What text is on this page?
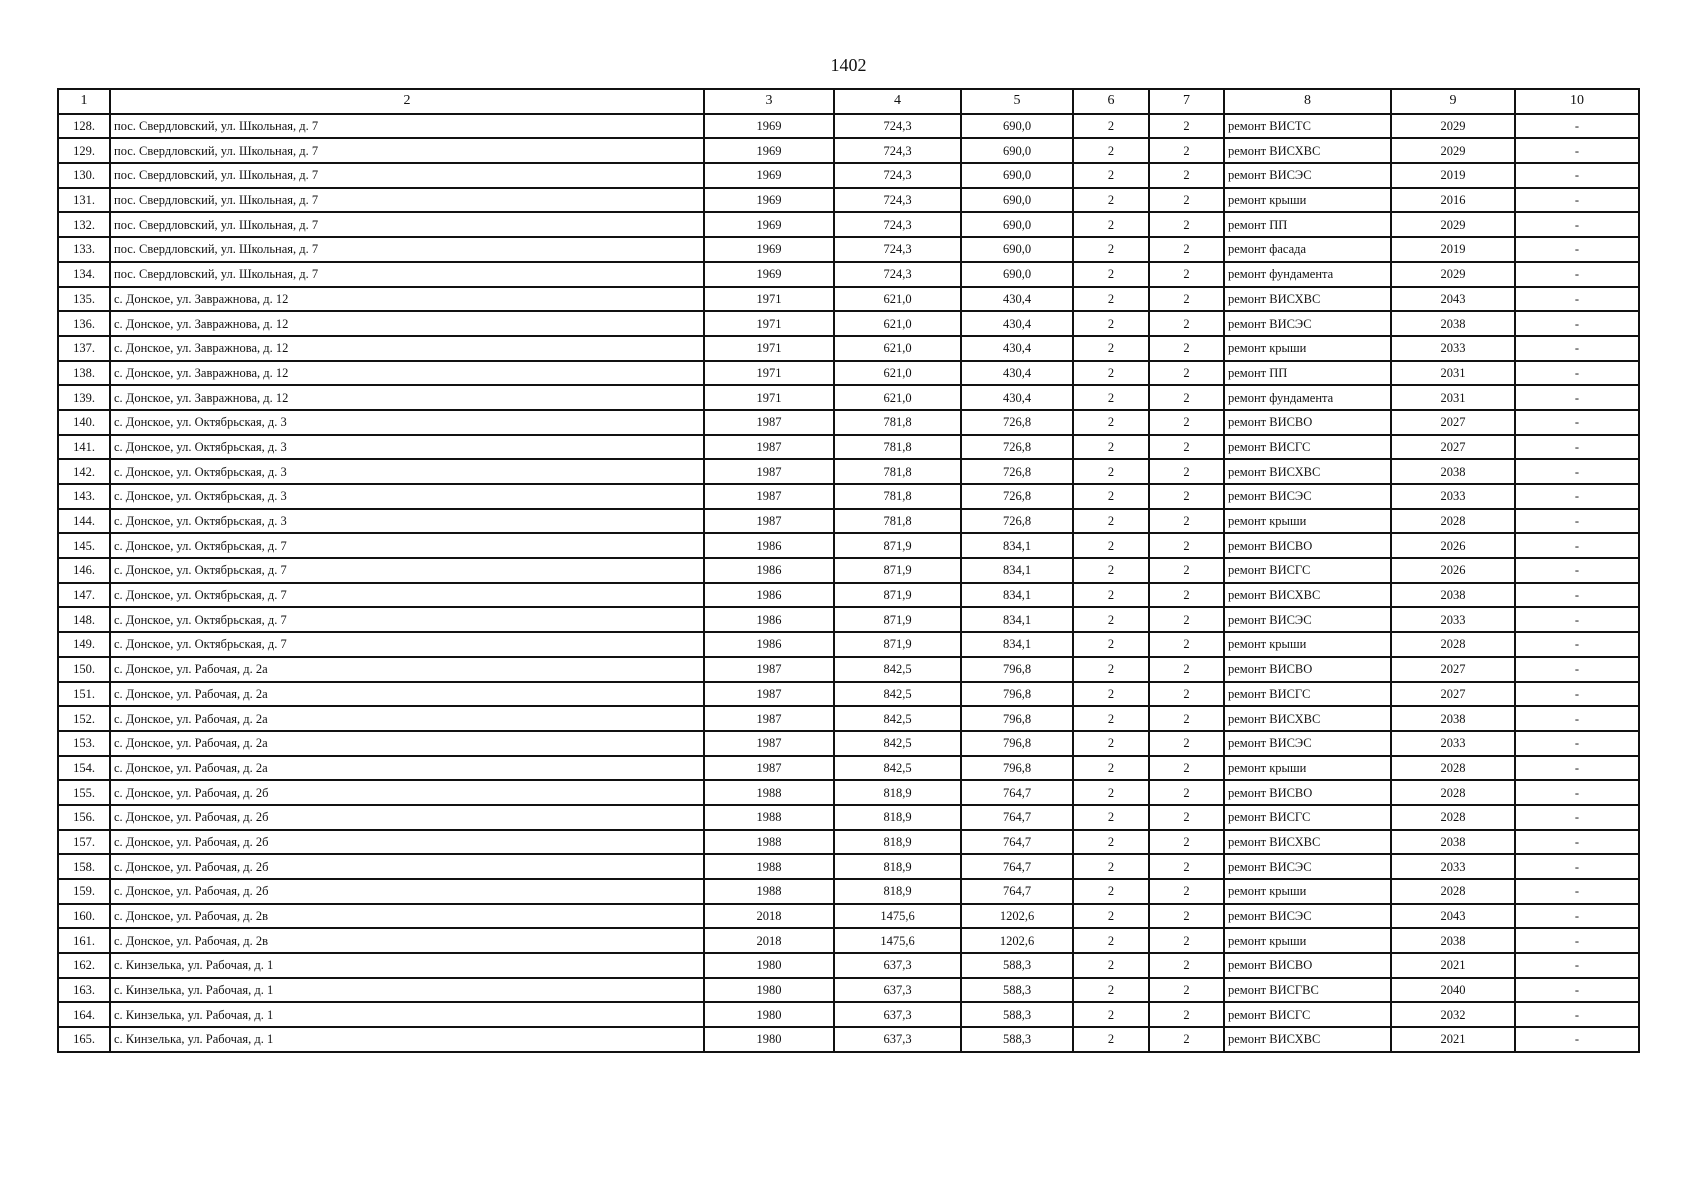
1402
1	2	3	4	5	6	7	8	9	10
128.	пос. Свердловский, ул. Школьная, д. 7	1969	724,3	690,0	2	2	ремонт ВИСТС	2029	-
129.	пос. Свердловский, ул. Школьная, д. 7	1969	724,3	690,0	2	2	ремонт ВИСХВС	2029	-
130.	пос. Свердловский, ул. Школьная, д. 7	1969	724,3	690,0	2	2	ремонт ВИСЭС	2019	-
131.	пос. Свердловский, ул. Школьная, д. 7	1969	724,3	690,0	2	2	ремонт крыши	2016	-
132.	пос. Свердловский, ул. Школьная, д. 7	1969	724,3	690,0	2	2	ремонт ПП	2029	-
133.	пос. Свердловский, ул. Школьная, д. 7	1969	724,3	690,0	2	2	ремонт фасада	2019	-
134.	пос. Свердловский, ул. Школьная, д. 7	1969	724,3	690,0	2	2	ремонт фундамента	2029	-
135.	с. Донское, ул. Завражнова, д. 12	1971	621,0	430,4	2	2	ремонт ВИСХВС	2043	-
136.	с. Донское, ул. Завражнова, д. 12	1971	621,0	430,4	2	2	ремонт ВИСЭС	2038	-
137.	с. Донское, ул. Завражнова, д. 12	1971	621,0	430,4	2	2	ремонт крыши	2033	-
138.	с. Донское, ул. Завражнова, д. 12	1971	621,0	430,4	2	2	ремонт ПП	2031	-
139.	с. Донское, ул. Завражнова, д. 12	1971	621,0	430,4	2	2	ремонт фундамента	2031	-
140.	с. Донское, ул. Октябрьская, д. 3	1987	781,8	726,8	2	2	ремонт ВИСВО	2027	-
141.	с. Донское, ул. Октябрьская, д. 3	1987	781,8	726,8	2	2	ремонт ВИСГС	2027	-
142.	с. Донское, ул. Октябрьская, д. 3	1987	781,8	726,8	2	2	ремонт ВИСХВС	2038	-
143.	с. Донское, ул. Октябрьская, д. 3	1987	781,8	726,8	2	2	ремонт ВИСЭС	2033	-
144.	с. Донское, ул. Октябрьская, д. 3	1987	781,8	726,8	2	2	ремонт крыши	2028	-
145.	с. Донское, ул. Октябрьская, д. 7	1986	871,9	834,1	2	2	ремонт ВИСВО	2026	-
146.	с. Донское, ул. Октябрьская, д. 7	1986	871,9	834,1	2	2	ремонт ВИСГС	2026	-
147.	с. Донское, ул. Октябрьская, д. 7	1986	871,9	834,1	2	2	ремонт ВИСХВС	2038	-
148.	с. Донское, ул. Октябрьская, д. 7	1986	871,9	834,1	2	2	ремонт ВИСЭС	2033	-
149.	с. Донское, ул. Октябрьская, д. 7	1986	871,9	834,1	2	2	ремонт крыши	2028	-
150.	с. Донское, ул. Рабочая, д. 2а	1987	842,5	796,8	2	2	ремонт ВИСВО	2027	-
151.	с. Донское, ул. Рабочая, д. 2а	1987	842,5	796,8	2	2	ремонт ВИСГС	2027	-
152.	с. Донское, ул. Рабочая, д. 2а	1987	842,5	796,8	2	2	ремонт ВИСХВС	2038	-
153.	с. Донское, ул. Рабочая, д. 2а	1987	842,5	796,8	2	2	ремонт ВИСЭС	2033	-
154.	с. Донское, ул. Рабочая, д. 2а	1987	842,5	796,8	2	2	ремонт крыши	2028	-
155.	с. Донское, ул. Рабочая, д. 2б	1988	818,9	764,7	2	2	ремонт ВИСВО	2028	-
156.	с. Донское, ул. Рабочая, д. 2б	1988	818,9	764,7	2	2	ремонт ВИСГС	2028	-
157.	с. Донское, ул. Рабочая, д. 2б	1988	818,9	764,7	2	2	ремонт ВИСХВС	2038	-
158.	с. Донское, ул. Рабочая, д. 2б	1988	818,9	764,7	2	2	ремонт ВИСЭС	2033	-
159.	с. Донское, ул. Рабочая, д. 2б	1988	818,9	764,7	2	2	ремонт крыши	2028	-
160.	с. Донское, ул. Рабочая, д. 2в	2018	1475,6	1202,6	2	2	ремонт ВИСЭС	2043	-
161.	с. Донское, ул. Рабочая, д. 2в	2018	1475,6	1202,6	2	2	ремонт крыши	2038	-
162.	с. Кинзелька, ул. Рабочая, д. 1	1980	637,3	588,3	2	2	ремонт ВИСВО	2021	-
163.	с. Кинзелька, ул. Рабочая, д. 1	1980	637,3	588,3	2	2	ремонт ВИСГВС	2040	-
164.	с. Кинзелька, ул. Рабочая, д. 1	1980	637,3	588,3	2	2	ремонт ВИСГС	2032	-
165.	с. Кинзелька, ул. Рабочая, д. 1	1980	637,3	588,3	2	2	ремонт ВИСХВС	2021	-
